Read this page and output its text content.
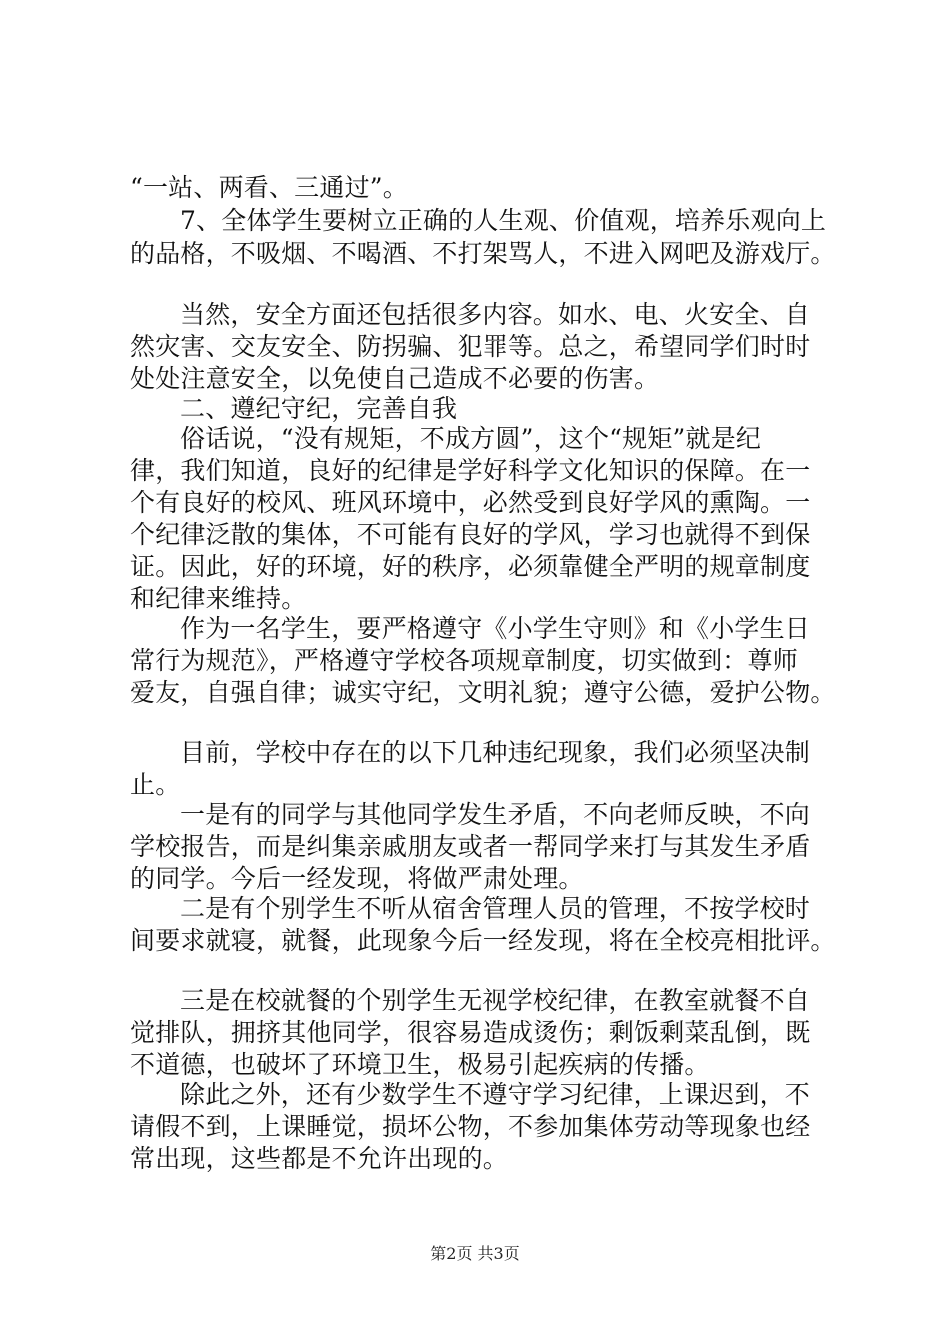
“一站、两看、三通过”。
7、全体学生要树立正确的人生观、价值观，培养乐观向上
的品格，不吸烟、不喝酒、不打架骂人，不进入网吧及游戏厅。
当然，安全方面还包括很多内容。如水、电、火安全、自
然灾害、交友安全、防拐骗、犯罪等。总之，希望同学们时时
处处注意安全，以免使自己造成不必要的伤害。
二、遵纪守纪，完善自我
俗话说，“没有规矩，不成方圆”，这个“规矩”就是纪
律，我们知道，良好的纪律是学好科学文化知识的保障。在一
个有良好的校风、班风环境中，必然受到良好学风的熏陶。一
个纪律泛散的集体，不可能有良好的学风，学习也就得不到保
证。因此，好的环境，好的秩序，必须靠健全严明的规章制度
和纪律来维持。
作为一名学生，要严格遵守《小学生守则》和《小学生日
常行为规范》，严格遵守学校各项规章制度，切实做到：尊师
爱友，自强自律；诚实守纪，文明礼貌；遵守公德，爱护公物。
目前，学校中存在的以下几种违纪现象，我们必须坚决制
止。
一是有的同学与其他同学发生矛盾，不向老师反映，不向
学校报告，而是纠集亲戚朋友或者一帮同学来打与其发生矛盾
的同学。今后一经发现，将做严肃处理。
二是有个别学生不听从宿舍管理人员的管理，不按学校时
间要求就寝，就餐，此现象今后一经发现，将在全校亮相批评。
三是在校就餐的个别学生无视学校纪律，在教室就餐不自
觉排队，拥挤其他同学，很容易造成烫伤；剩饭剩菜乱倒，既
不道德，也破坏了环境卫生，极易引起疾病的传播。
除此之外，还有少数学生不遵守学习纪律，上课迟到，不
请假不到，上课睡觉，损坏公物，不参加集体劳动等现象也经
常出现，这些都是不允许出现的。
第2页 共3页
